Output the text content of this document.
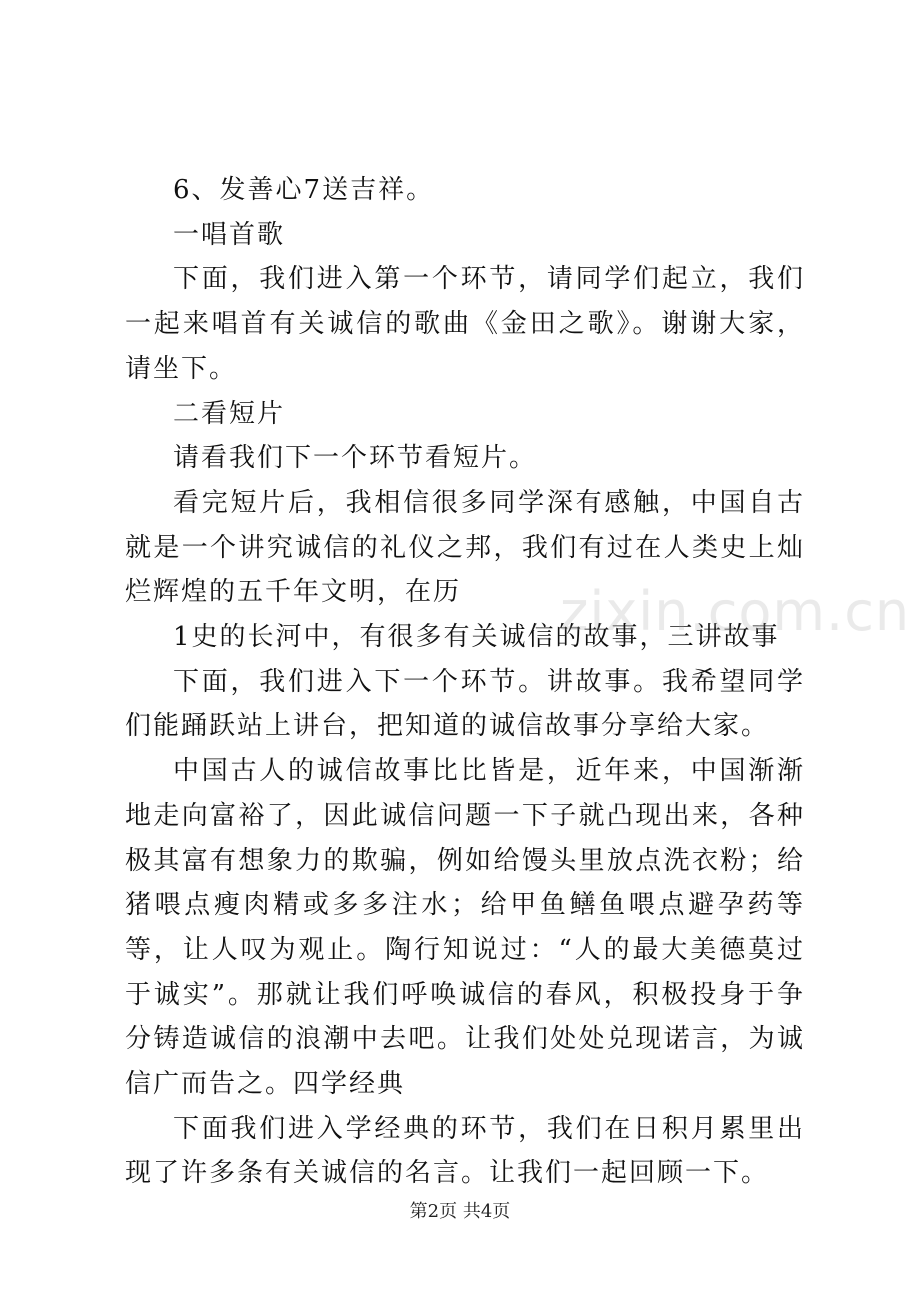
6、发善心7送吉祥。

一唱首歌

下面，我们进入第一个环节，请同学们起立，我们一起来唱首有关诚信的歌曲《金田之歌》。谢谢大家，请坐下。

二看短片

请看我们下一个环节看短片。

看完短片后，我相信很多同学深有感触，中国自古就是一个讲究诚信的礼仪之邦，我们有过在人类史上灿烂辉煌的五千年文明，在历

1史的长河中，有很多有关诚信的故事，三讲故事

下面，我们进入下一个环节。讲故事。我希望同学们能踊跃站上讲台，把知道的诚信故事分享给大家。

中国古人的诚信故事比比皆是，近年来，中国渐渐地走向富裕了，因此诚信问题一下子就凸现出来，各种极其富有想象力的欺骗，例如给馒头里放点洗衣粉；给猪喂点瘦肉精或多多注水；给甲鱼鳝鱼喂点避孕药等等，让人叹为观止。陶行知说过：“人的最大美德莫过于诚实”。那就让我们呼唤诚信的春风，积极投身于争分铸造诚信的浪潮中去吧。让我们处处兑现诺言，为诚信广而告之。四学经典

下面我们进入学经典的环节，我们在日积月累里出现了许多条有关诚信的名言。让我们一起回顾一下。

zixin.com.cn
第2页 共4页
